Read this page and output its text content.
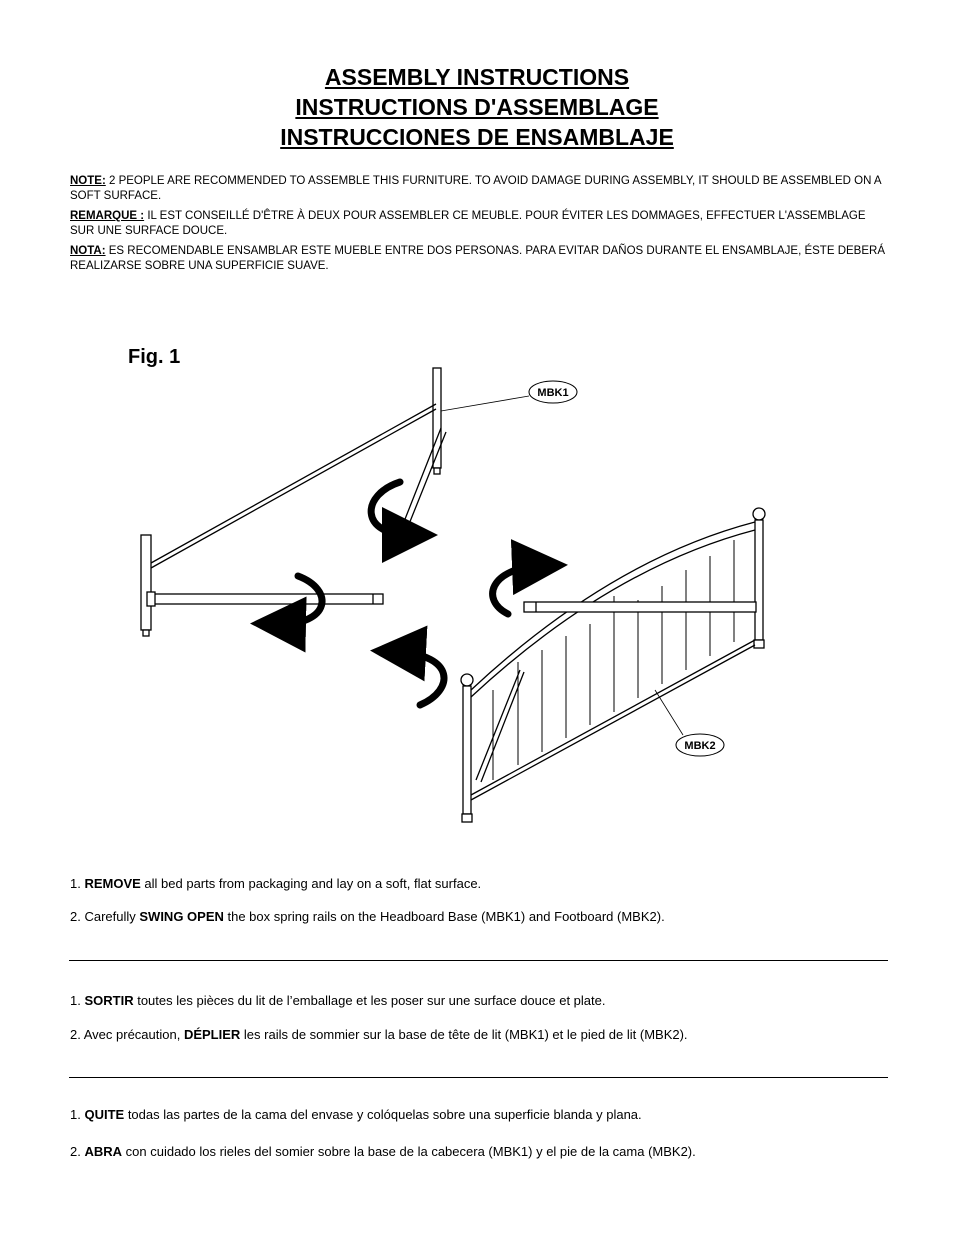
ASSEMBLY INSTRUCTIONS
INSTRUCTIONS D'ASSEMBLAGE
INSTRUCCIONES DE ENSAMBLAJE
NOTE: 2 PEOPLE ARE RECOMMENDED TO ASSEMBLE THIS FURNITURE. TO AVOID DAMAGE DURING ASSEMBLY, IT SHOULD BE ASSEMBLED ON A SOFT SURFACE.
REMARQUE : IL EST CONSEILLÉ D'ÊTRE À DEUX POUR ASSEMBLER CE MEUBLE. POUR ÉVITER LES DOMMAGES, EFFECTUER L'ASSEMBLAGE SUR UNE SURFACE DOUCE.
NOTA: ES RECOMENDABLE ENSAMBLAR ESTE MUEBLE ENTRE DOS PERSONAS. PARA EVITAR DAÑOS DURANTE EL ENSAMBLAJE, ÉSTE DEBERÁ REALIZARSE SOBRE UNA SUPERFICIE SUAVE.
Fig. 1
MBK1
MBK2
1. REMOVE all bed parts from packaging and lay on a soft, flat surface.
2. Carefully SWING OPEN the box spring rails on the Headboard Base (MBK1) and Footboard (MBK2).
1. SORTIR toutes les pièces du lit de l’emballage et les poser sur une surface douce et plate.
2. Avec précaution, DÉPLIER les rails de sommier sur la base de tête de lit (MBK1) et le pied de lit (MBK2).
1. QUITE todas las partes de la cama del envase y colóquelas sobre una superficie blanda y plana.
2. ABRA con cuidado los rieles del somier sobre la base de la cabecera (MBK1) y el pie de la cama (MBK2).
